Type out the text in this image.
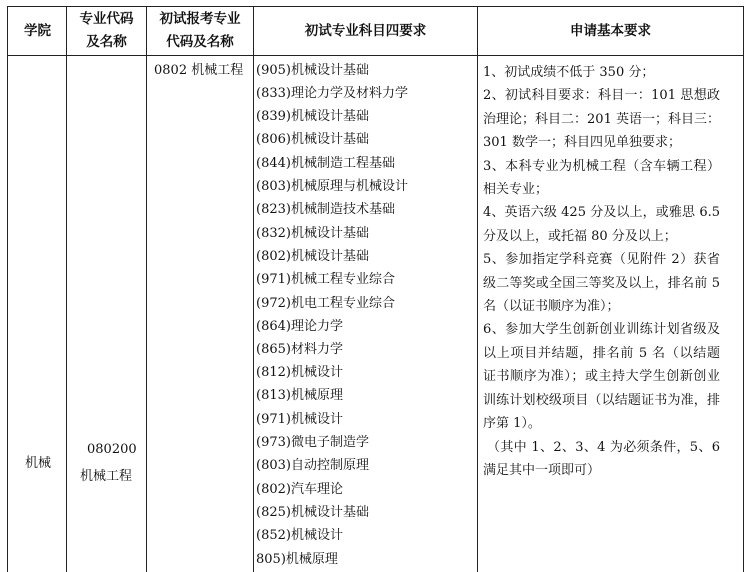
学院
专业代码
及名称
初试报考专业
代码及名称
初试专业科目四要求	申请基本要求
机械
080200
机械工程
0802 机械工程 (905)机械设计基础
(833)理论力学及材料力学
(839)机械设计基础
(806)机械设计基础
(844)机械制造工程基础
(803)机械原理与机械设计
(823)机械制造技术基础
(832)机械设计基础
(802)机械设计基础
(971)机械工程专业综合
(972)机电工程专业综合
(864)理论力学
(865)材料力学
(812)机械设计
(813)机械原理
(971)机械设计
(973)微电子制造学
(803)自动控制原理
(802)汽车理论
(825)机械设计基础
(852)机械设计
805)机械原理

1、初试成绩不低于 350 分；

2、初试科目要求：科目一：101 思想政治理论；科目二：201 英语一；科目三：301 数学一；科目四见单独要求；

3、本科专业为机械工程（含车辆工程）相关专业；

4、英语六级 425 分及以上，或雅思 6.5 分及以上，或托福 80 分及以上；

5、参加指定学科竞赛（见附件 2）获省级二等奖或全国三等奖及以上，排名前 5 名（以证书顺序为准）；

6、参加大学生创新创业训练计划省级及以上项目并结题，排名前 5 名（以结题证书顺序为准）；或主持大学生创新创业训练计划校级项目（以结题证书为准，排序第 1）。

（其中 1、2、3、4 为必须条件，5、6 满足其中一项即可）
